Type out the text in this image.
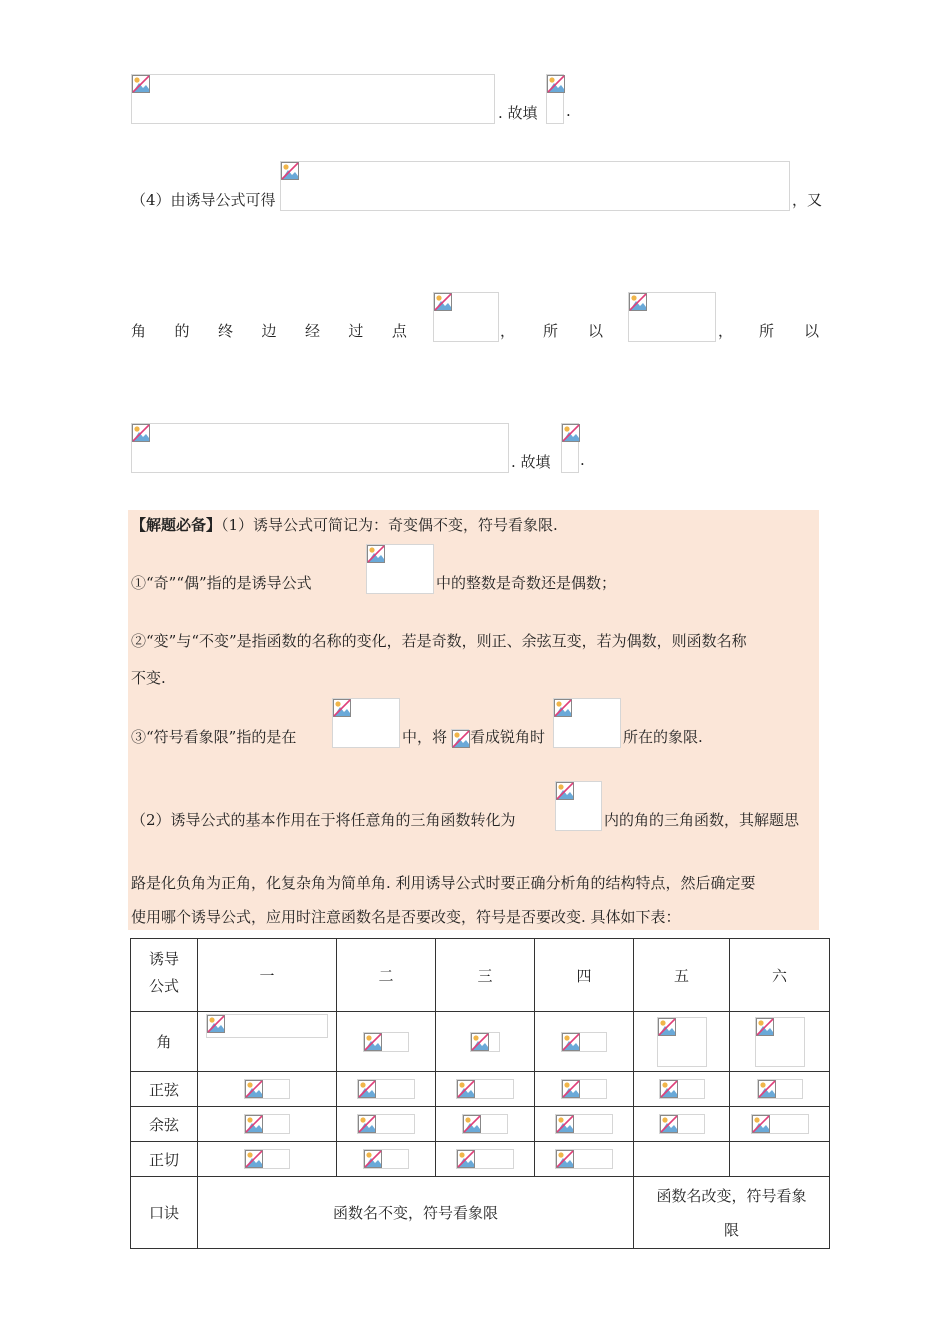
. 故填 .
（4）由诱导公式可得	，又
角 的 终 边 经 过 点	， 所 以	， 所 以
. 故填 .
【解题必备】（1）诱导公式可简记为：奇变偶不变，符号看象限.
①“奇”“偶”指的是诱导公式	中的整数是奇数还是偶数；
②“变”与“不变”是指函数的名称的变化，若是奇数，则正、余弦互变，若为偶数，则函数名称
不变.
③“符号看象限”指的是在	中，将 看成锐角时	所在的象限.
（2）诱导公式的基本作用在于将任意角的三角函数转化为	内的角的三角函数，其解题思
路是化负角为正角，化复杂角为简单角. 利用诱导公式时要正确分析角的结构特点，然后确定要
使用哪个诱导公式，应用时注意函数名是否要改变，符号是否要改变. 具体如下表：
诱导
公式	一	二	三	四	五	六
角	

正弦	

余弦	

正切	

口诀	函数名不变，符号看象限				函数名改变，符号看象
限	
